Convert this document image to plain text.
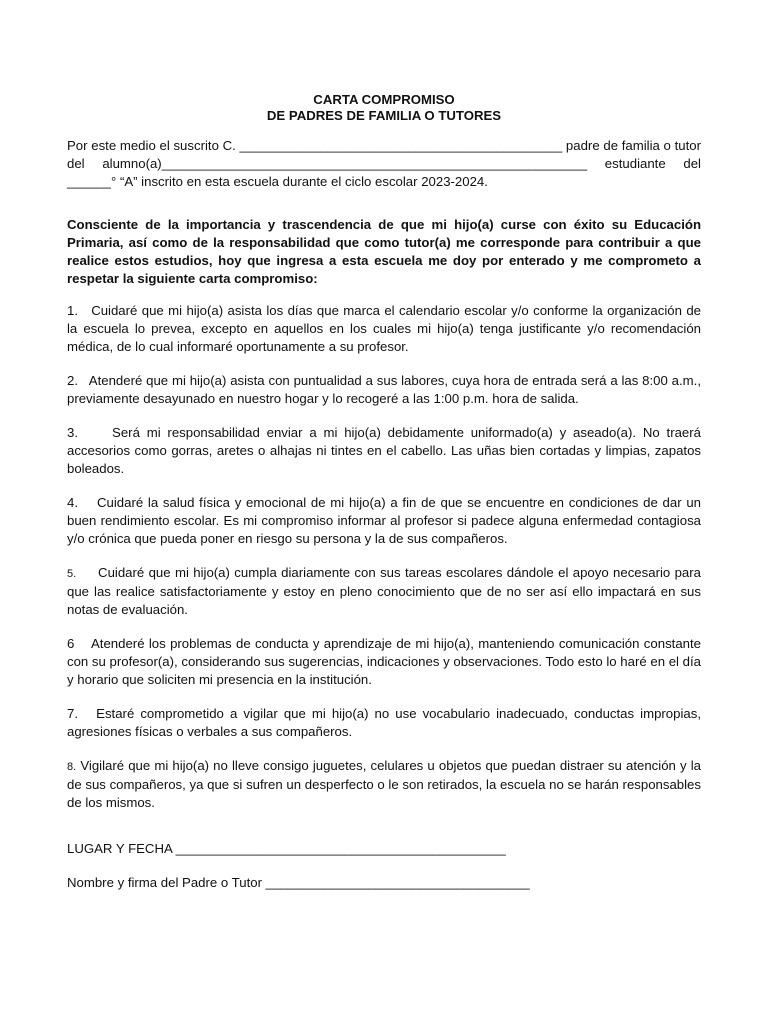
CARTA COMPROMISO

DE PADRES DE FAMILIA O TUTORES

Por este medio el suscrito C. ____________________________________________ padre de familia o tutor del alumno(a)__________________________________________________________ estudiante del ______° “A” inscrito en esta escuela durante el ciclo escolar 2023-2024.
Consciente de la importancia y trascendencia de que mi hijo(a) curse con éxito su Educación Primaria, así como de la responsabilidad que como tutor(a) me corresponde para contribuir a que realice estos estudios, hoy que ingresa a esta escuela me doy por enterado y me comprometo a respetar la siguiente carta compromiso:
1. Cuidaré que mi hijo(a) asista los días que marca el calendario escolar y/o conforme la organización de la escuela lo prevea, excepto en aquellos en los cuales mi hijo(a) tenga justificante y/o recomendación médica, de lo cual informaré oportunamente a su profesor.
2. Atenderé que mi hijo(a) asista con puntualidad a sus labores, cuya hora de entrada será a las 8:00 a.m., previamente desayunado en nuestro hogar y lo recogeré a las 1:00 p.m. hora de salida.
3.	Será mi responsabilidad enviar a mi hijo(a) debidamente uniformado(a) y aseado(a). No traerá accesorios como gorras, aretes o alhajas ni tintes en el cabello. Las uñas bien cortadas y limpias, zapatos boleados.
4. Cuidaré la salud física y emocional de mi hijo(a) a fin de que se encuentre en condiciones de dar un buen rendimiento escolar. Es mi compromiso informar al profesor si padece alguna enfermedad contagiosa y/o crónica que pueda poner en riesgo su persona y la de sus compañeros.
5. Cuidaré que mi hijo(a) cumpla diariamente con sus tareas escolares dándole el apoyo necesario para que las realice satisfactoriamente y estoy en pleno conocimiento que de no ser así ello impactará en sus notas de evaluación.
6 Atenderé los problemas de conducta y aprendizaje de mi hijo(a), manteniendo comunicación constante con su profesor(a), considerando sus sugerencias, indicaciones y observaciones. Todo esto lo haré en el día y horario que soliciten mi presencia en la institución.
7. Estaré comprometido a vigilar que mi hijo(a) no use vocabulario inadecuado, conductas impropias, agresiones físicas o verbales a sus compañeros.
8. Vigilaré que mi hijo(a) no lleve consigo juguetes, celulares u objetos que puedan distraer su atención y la de sus compañeros, ya que si sufren un desperfecto o le son retirados, la escuela no se harán responsables de los mismos.
LUGAR Y FECHA _____________________________________________
Nombre y firma del Padre o Tutor ____________________________________
